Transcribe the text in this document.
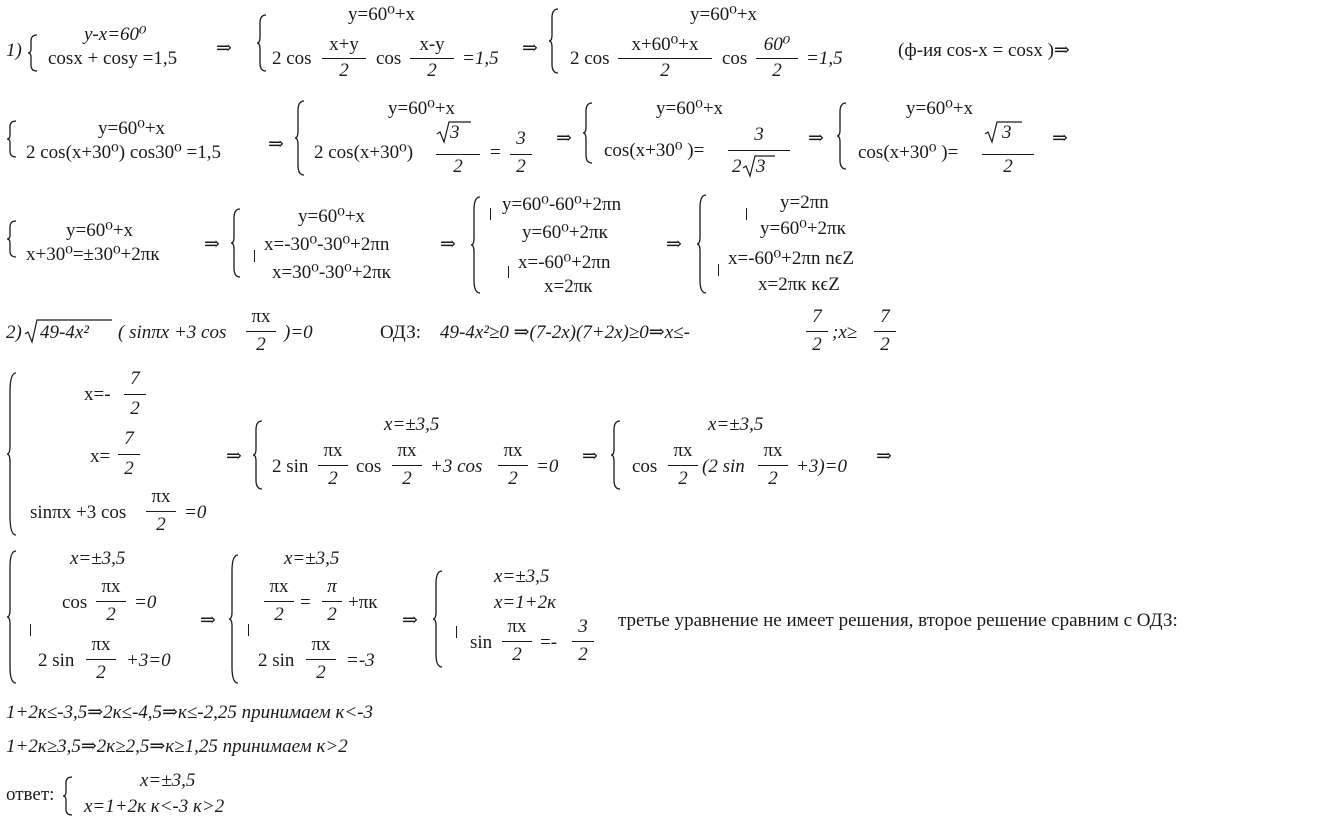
1)
y-x=60⁰
cosx + cosy =1,5 ⇒
y=60⁰+x
2 cos
x+y
2
cos
x-y
2
=1,5 ⇒
y=60⁰+x
2 cos
x+60⁰+x
2
cos
60⁰
2
=1,5	(ф-ия cos-x = cosx )⇒
y=60⁰+x
2 cos(x+30⁰) cos30⁰ =1,5 ⇒
y=60⁰+x
2 cos(x+30⁰)
3
2
=
3
2
⇒
y=60⁰+x
cos(x+30⁰ )=
3
2 3
⇒
y=60⁰+x
cos(x+30⁰ )=
3
2
⇒
y=60⁰+x
x+30⁰=±30⁰+2πк ⇒
y=60⁰+x
x=-30⁰-30⁰+2πn
x=30⁰-30⁰+2πк
⇒
y=60⁰-60⁰+2πn
y=60⁰+2πк
x=-60⁰+2πn
x=2πк
⇒
y=2πn
y=60⁰+2πк
x=-60⁰+2πn nϵZ
x=2πк кϵZ
2) 49-4x² ( sinπx +3 cos
πx
2
)=0	ОДЗ: 49-4x²≥0 ⇒(7-2x)(7+2x)≥0⇒x≤-
7
2
;x≥
7
2
x=-
7
2
x=
7
2
sinπx +3 cos
πx
2
=0
⇒
x=±3,5
2 sin
πx
2
cos
πx
2
+3 cos
πx
2
=0 ⇒
x=±3,5
cos
πx
2
(2 sin
πx
2
+3)=0 ⇒
x=±3,5
cos
πx
2
=0
2 sin
πx
2
+3=0
⇒
x=±3,5
πx
2
=
π
2
+πк
2 sin
πx
2
=-3
⇒
x=±3,5
x=1+2к
sin
πx
2
=-
3
2
третье уравнение не имеет решения, второе решение сравним с ОДЗ:
1+2к≤-3,5⇒2к≤-4,5⇒к≤-2,25 принимаем к<-3
1+2к≥3,5⇒2к≥2,5⇒к≥1,25 принимаем к>2
ответ:
x=±3,5
x=1+2к к<-3 к>2
